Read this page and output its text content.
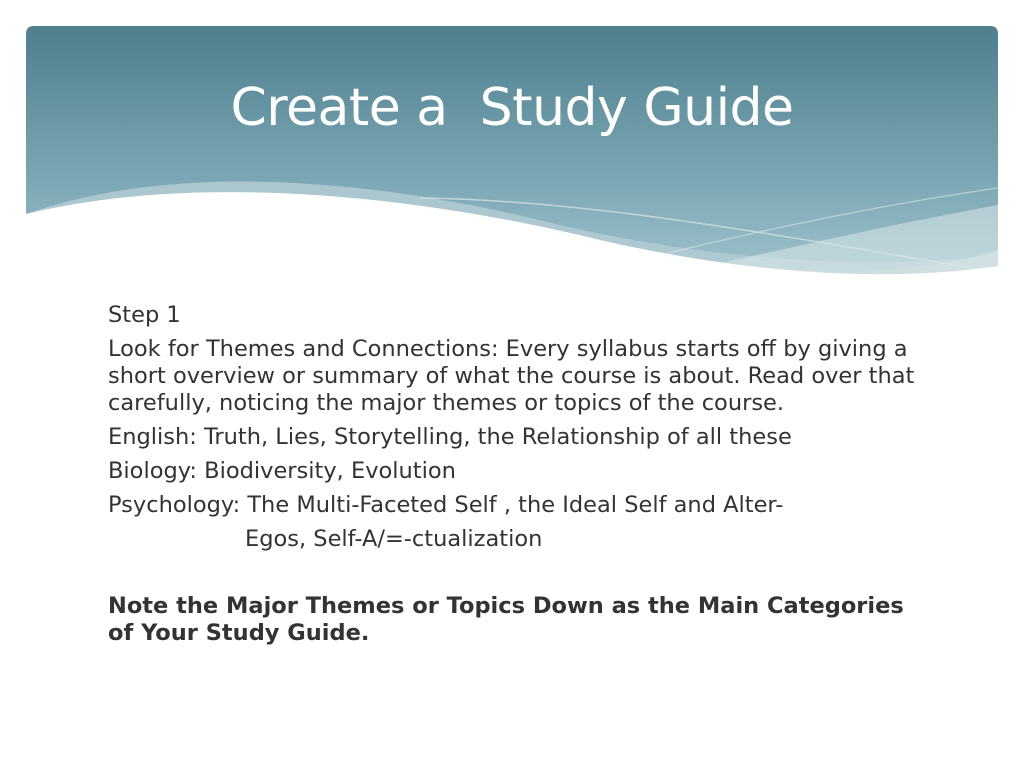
Create a  Study Guide

Step 1

Look for Themes and Connections: Every syllabus starts off by giving a short overview or summary of what the course is about. Read over that carefully, noticing the major themes or topics of the course.

English: Truth, Lies, Storytelling, the Relationship of all these

Biology: Biodiversity, Evolution

Psychology: The Multi-Faceted Self , the Ideal Self and Alter-

Egos, Self-A/=-ctualization

Note the Major Themes or Topics Down as the Main Categories of Your Study Guide.
